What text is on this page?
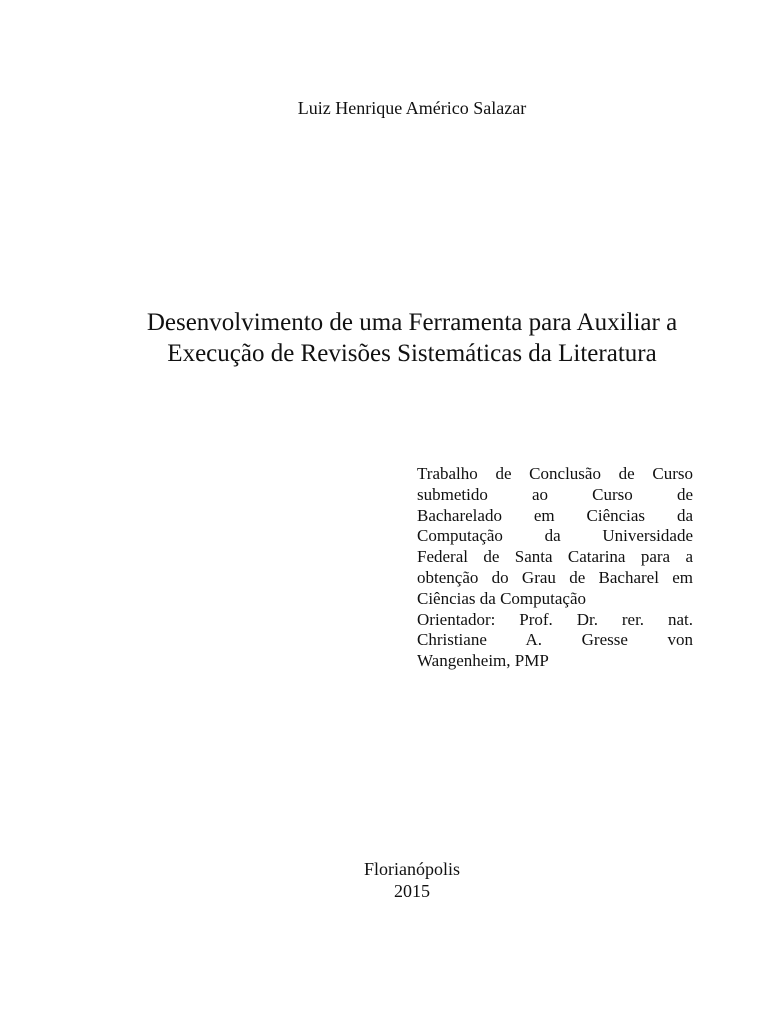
Luiz Henrique Américo Salazar
Desenvolvimento de uma Ferramenta para Auxiliar a
Execução de Revisões Sistemáticas da Literatura
Trabalho de Conclusão de Curso
submetido ao Curso de
Bacharelado em Ciências da
Computação da Universidade
Federal de Santa Catarina para a
obtenção do Grau de Bacharel em
Ciências da Computação
Orientador: Prof. Dr. rer. nat.
Christiane A. Gresse von
Wangenheim, PMP
Florianópolis
2015
